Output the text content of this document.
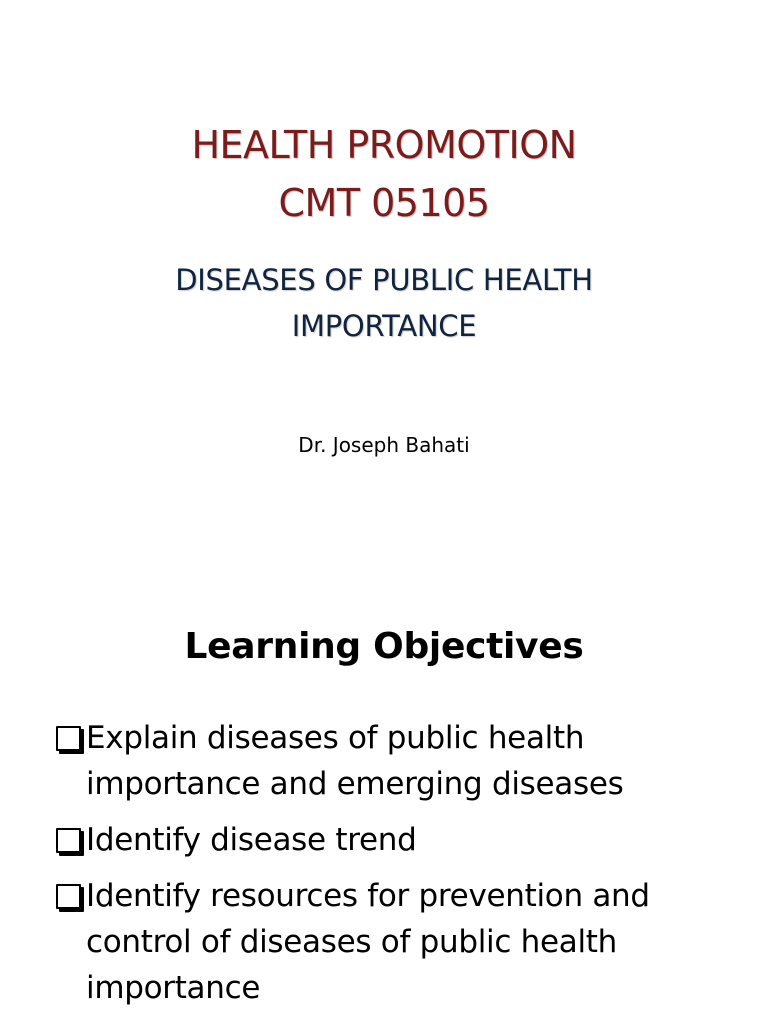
HEALTH PROMOTION
CMT 05105
DISEASES OF PUBLIC HEALTH
IMPORTANCE
Dr. Joseph Bahati
Learning Objectives
Explain diseases of public health importance and emerging diseases
Identify disease trend
Identify resources for prevention and control of diseases of public health importance
